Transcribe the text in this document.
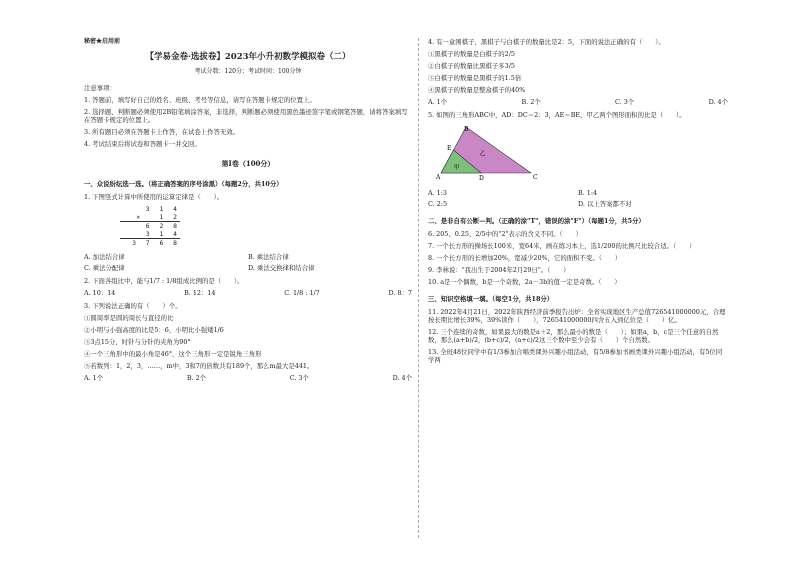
秘密★启用前
【学易金卷·选拔卷】2023年小升初数学模拟卷（二）
考试分数：120分；考试时间：100分钟

注意事项：

1. 答题前，填写好自己的姓名、班级、考号等信息，请写在答题卡规定的位置上。

2. 选择题、判断题必须使用2B铅笔填涂答案，非选择，判断题必须使用黑色墨迹签字笔或钢笔答题，请将答案填写在答题卡规定的位置上。

3. 所有题目必须在答题卡上作答，在试卷上作答无效。

4. 考试结束后将试卷和答题卡一并交回。

第Ⅰ卷（100分）
一、众说纷纭选一选。（将正确答案的序号涂黑）（每题2分，共10分）

1. 下图竖式计算中所使用的运算定律是（　　）。

3 1 4
×　 1 2
6 2 8
3 1 4
3 7 6 8
A. 加法结合律	B. 乘法结合律
C. 乘法分配律	D. 乘法交换律和结合律

2. 下面各组比中，能与1/7 : 1/8组成比例的是（　　）。

A. 10：14	B. 12：14	C. 1/8 : 1/7	D. 8：7

3. 下列说法正确的有（　　）个。

①圆周率是圆的周长与直径的比

②小明与小强高度的比是5：6，小明比小强矮1/6

③3点15分，时针与分针的夹角为90°

④一个三角形中的最小角是46°，这个三角形一定是锐角三角形

⑤若数列：1，2，3，……，m中，3和7的倍数共有189个，那么m最大是441。

A. 1个	B. 2个	C. 3个	D. 4个

4. 有一盒围棋子，黑棋子与白棋子的数量比是2：5，下面的说法正确的有（　　）。

①黑棋子的数量是白棋子的2/5

②白棋子的数量比黑棋子多3/5

③白棋子的数量是黑棋子的1.5倍

④黑棋子的数量是整盒棋子的40%

A. 1个	B. 2个	C. 3个	D. 4个

5. 如图的三角形ABC中，AD：DC＝2：3，AE＝BE，甲乙两个图形面积的比是（　　）。

A
B
C
D
E
甲
乙
A. 1:3	B. 1:4
C. 2:5	D. 以上答案都不对
二、是非自有公断—判。（正确的涂"T"，错误的涂"F"）（每题1分，共5分）

6. 205、0.25、2/5中的"2"表示的含义不同。（　　）

7. 一个长方形的操场长100米，宽64米，画在练习本上，选1/200的比例尺比较合适。（　　）

8. 一个长方形的长增加20%，宽减少20%，它的面积不变。（　　）

9. 李林说："我出生于2004年2月29日"。（　　）

10. a是一个偶数，b是一个奇数，2a－3b的值一定是奇数。（　　）

三、知识空格填一填。（每空1分，共18分）

11. 2022年4月21日，2022年陕西经济前季报告出炉：全省实现地区生产总值726541000000元，合理按长期比增长39%，39%读作（　　），726541000000四舍五入到亿位是（　　）亿。

12. 三个连续的奇数，如果最大的数是a＋2，那么最小的数是（　　）；如果a，b，c是三个任意的自然数，那么(a+b)/2，(b+c)/2，(a+c)/2这三个数中至少会有（　　）个自然数。

13. 全班48位同学中有1/3参加合唱类课外兴趣小组活动，有5/8参加书画类课外兴趣小组活动，有5位同学两
